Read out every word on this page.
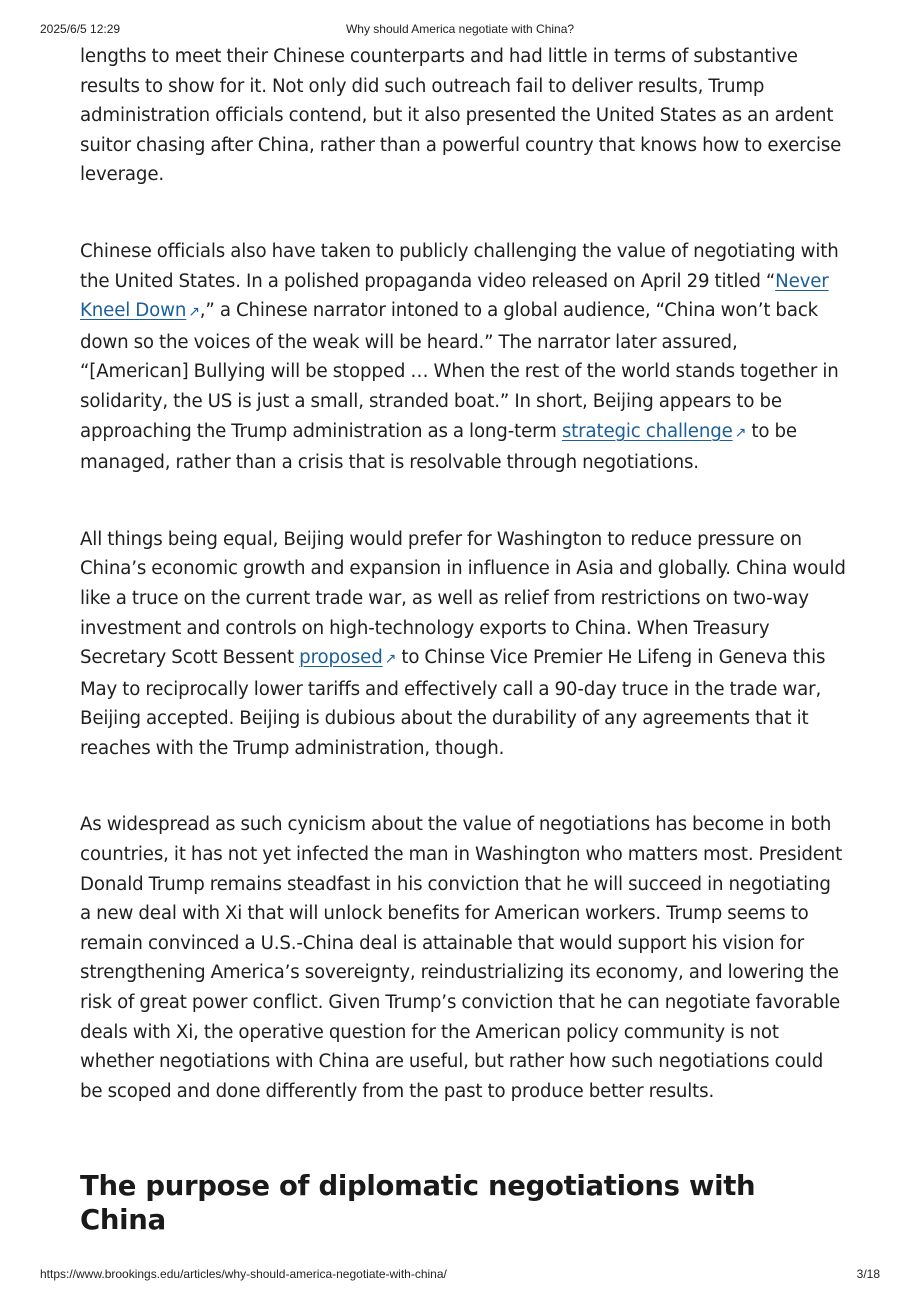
2025/6/5 12:29	Why should America negotiate with China?

lengths to meet their Chinese counterparts and had little in terms of substantive results to show for it. Not only did such outreach fail to deliver results, Trump administration officials contend, but it also presented the United States as an ardent suitor chasing after China, rather than a powerful country that knows how to exercise leverage.

Chinese officials also have taken to publicly challenging the value of negotiating with the United States. In a polished propaganda video released on April 29 titled “Never Kneel Down ↗,” a Chinese narrator intoned to a global audience, “China won’t back down so the voices of the weak will be heard.” The narrator later assured, “[American] Bullying will be stopped … When the rest of the world stands together in solidarity, the US is just a small, stranded boat.” In short, Beijing appears to be approaching the Trump administration as a long-term strategic challenge ↗ to be managed, rather than a crisis that is resolvable through negotiations.

All things being equal, Beijing would prefer for Washington to reduce pressure on China’s economic growth and expansion in influence in Asia and globally. China would like a truce on the current trade war, as well as relief from restrictions on two-way investment and controls on high-technology exports to China. When Treasury Secretary Scott Bessent proposed ↗ to Chinse Vice Premier He Lifeng in Geneva this May to reciprocally lower tariffs and effectively call a 90-day truce in the trade war, Beijing accepted. Beijing is dubious about the durability of any agreements that it reaches with the Trump administration, though.

As widespread as such cynicism about the value of negotiations has become in both countries, it has not yet infected the man in Washington who matters most. President Donald Trump remains steadfast in his conviction that he will succeed in negotiating a new deal with Xi that will unlock benefits for American workers. Trump seems to remain convinced a U.S.-China deal is attainable that would support his vision for strengthening America’s sovereignty, reindustrializing its economy, and lowering the risk of great power conflict. Given Trump’s conviction that he can negotiate favorable deals with Xi, the operative question for the American policy community is not whether negotiations with China are useful, but rather how such negotiations could be scoped and done differently from the past to produce better results.

The purpose of diplomatic negotiations with China
https://www.brookings.edu/articles/why-should-america-negotiate-with-china/	3/18
